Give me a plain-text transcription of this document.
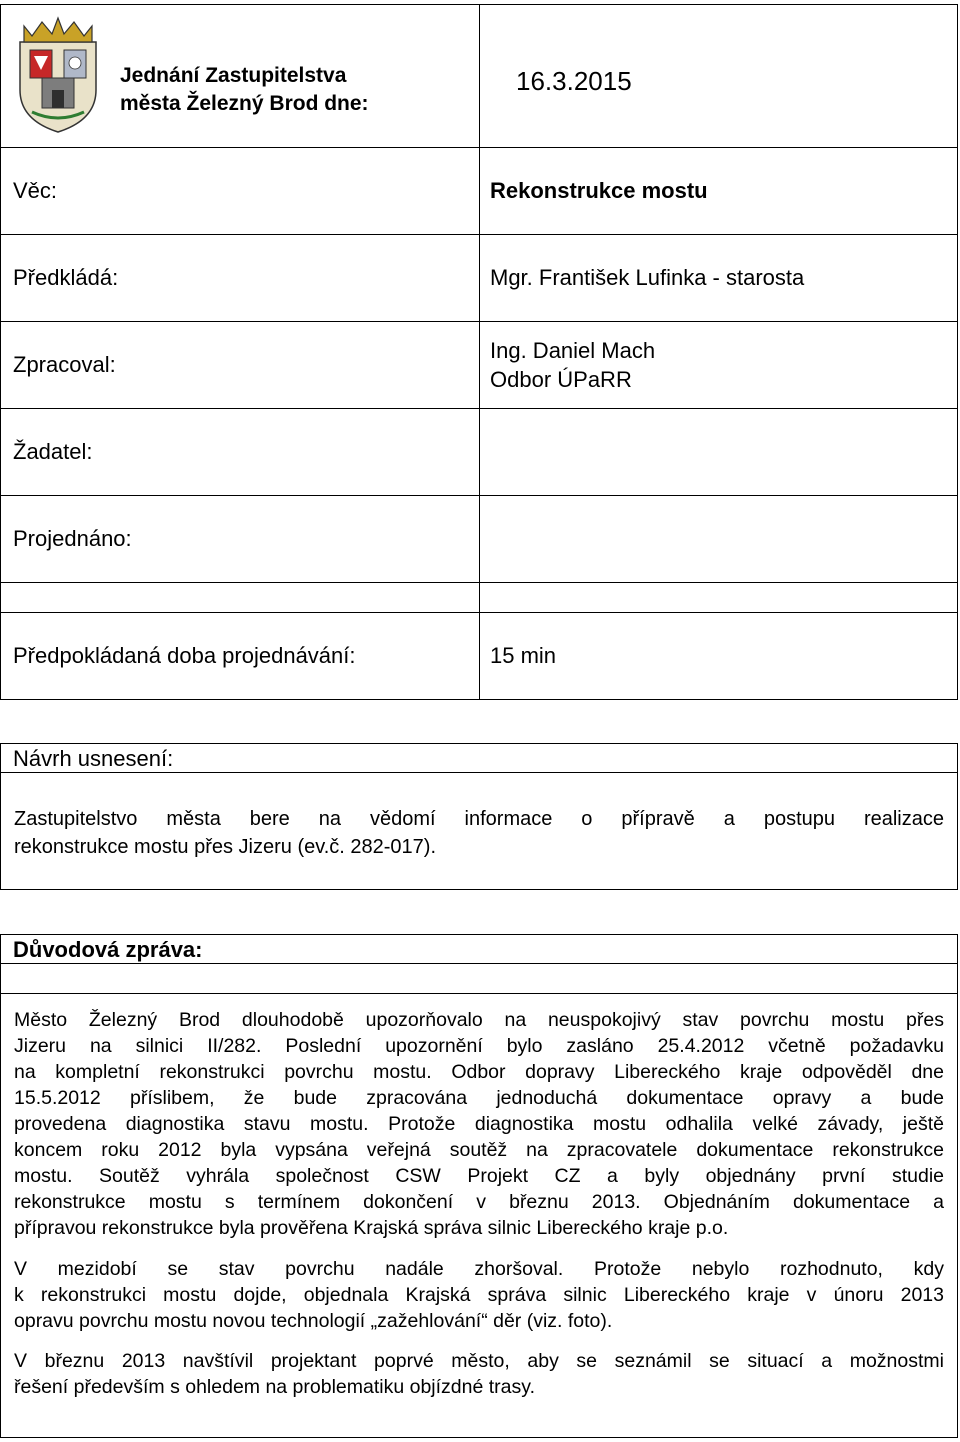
Jednání Zastupitelstva
města Železný Brod dne:
16.3.2015
Věc:	Rekonstrukce mostu
Předkládá:	Mgr. František Lufinka - starosta
Zpracoval:
Ing. Daniel Mach
Odbor ÚPaRR
Žadatel:
Projednáno:
Předpokládaná doba projednávání:	15 min
Návrh usnesení:
Zastupitelstvo města bere na vědomí informace o přípravě a postupu realizace
rekonstrukce mostu přes Jizeru (ev.č. 282-017).
Důvodová zpráva:
Město Železný Brod dlouhodobě upozorňovalo na neuspokojivý stav povrchu mostu přes
Jizeru na silnici II/282. Poslední upozornění bylo zasláno 25.4.2012 včetně požadavku
na kompletní rekonstrukci povrchu mostu. Odbor dopravy Libereckého kraje odpověděl dne
15.5.2012 příslibem, že bude zpracována jednoduchá dokumentace opravy a bude
provedena diagnostika stavu mostu. Protože diagnostika mostu odhalila velké závady, ještě
koncem roku 2012 byla vypsána veřejná soutěž na zpracovatele dokumentace rekonstrukce
mostu. Soutěž vyhrála společnost CSW Projekt CZ a byly objednány první studie
rekonstrukce mostu s termínem dokončení v březnu 2013. Objednáním dokumentace a
přípravou rekonstrukce byla prověřena Krajská správa silnic Libereckého kraje p.o.
V mezidobí se stav povrchu nadále zhoršoval. Protože nebylo rozhodnuto, kdy
k rekonstrukci mostu dojde, objednala Krajská správa silnic Libereckého kraje v únoru 2013
opravu povrchu mostu novou technologií „zažehlování“ děr (viz. foto).
V březnu 2013 navštívil projektant poprvé město, aby se seznámil se situací a možnostmi
řešení především s ohledem na problematiku objízdné trasy.
